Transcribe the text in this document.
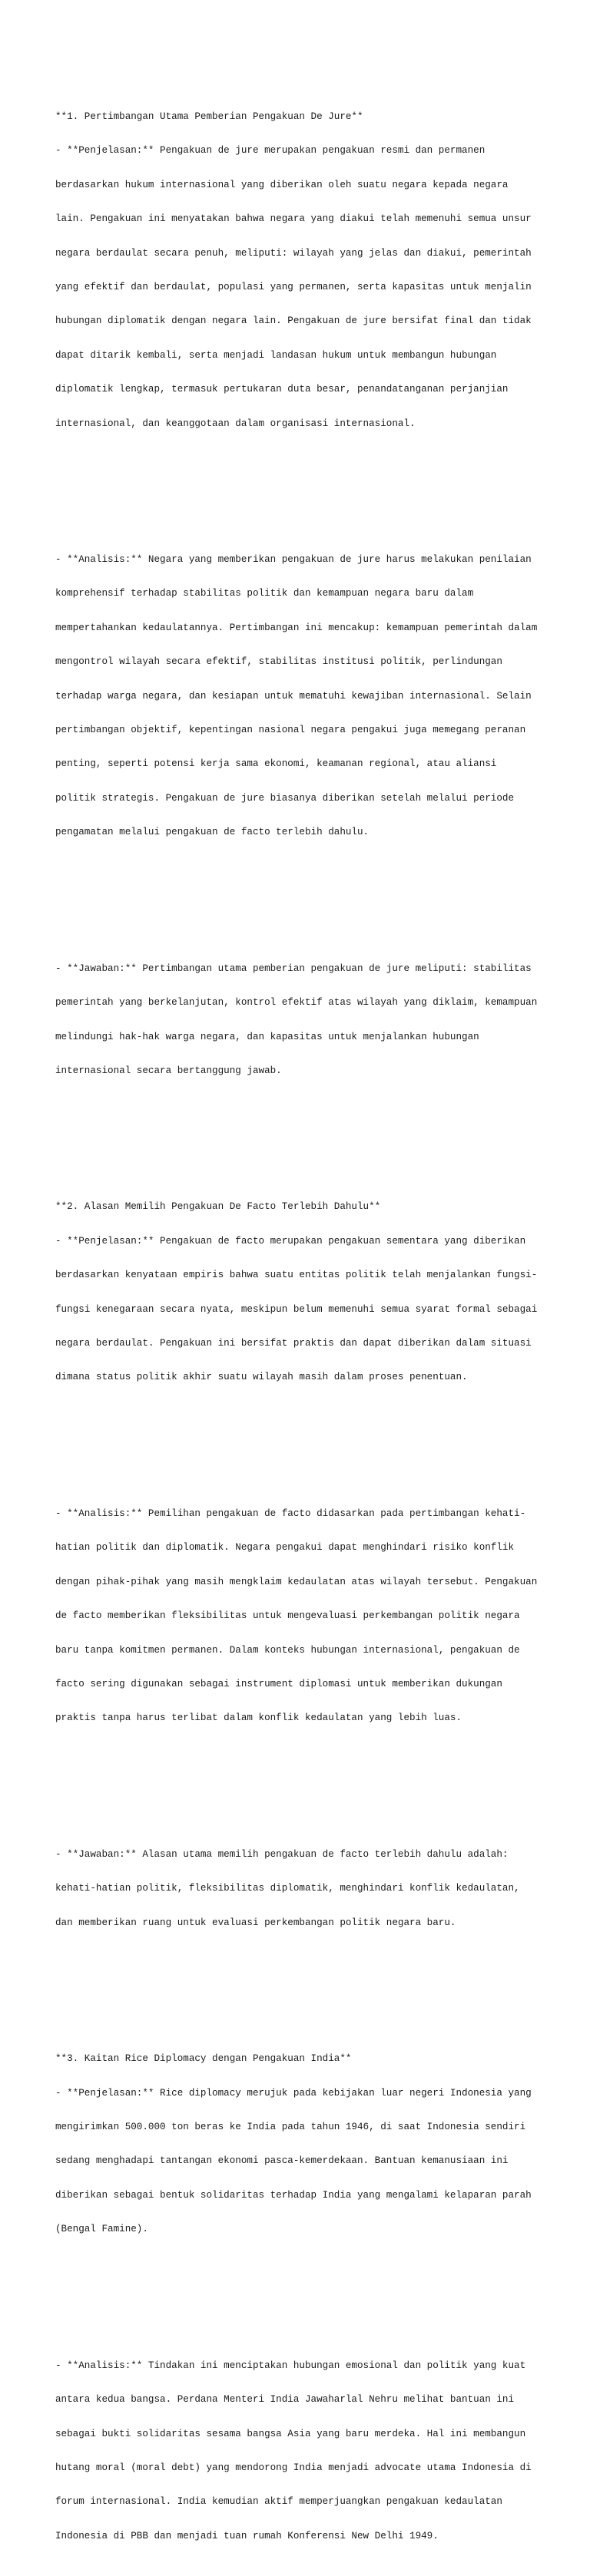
**1. Pertimbangan Utama Pemberian Pengakuan De Jure**

- **Penjelasan:** Pengakuan de jure merupakan pengakuan resmi dan permanen

berdasarkan hukum internasional yang diberikan oleh suatu negara kepada negara

lain. Pengakuan ini menyatakan bahwa negara yang diakui telah memenuhi semua unsur

negara berdaulat secara penuh, meliputi: wilayah yang jelas dan diakui, pemerintah

yang efektif dan berdaulat, populasi yang permanen, serta kapasitas untuk menjalin

hubungan diplomatik dengan negara lain. Pengakuan de jure bersifat final dan tidak

dapat ditarik kembali, serta menjadi landasan hukum untuk membangun hubungan

diplomatik lengkap, termasuk pertukaran duta besar, penandatanganan perjanjian

internasional, dan keanggotaan dalam organisasi internasional.

- **Analisis:** Negara yang memberikan pengakuan de jure harus melakukan penilaian

komprehensif terhadap stabilitas politik dan kemampuan negara baru dalam

mempertahankan kedaulatannya. Pertimbangan ini mencakup: kemampuan pemerintah dalam

mengontrol wilayah secara efektif, stabilitas institusi politik, perlindungan

terhadap warga negara, dan kesiapan untuk mematuhi kewajiban internasional. Selain

pertimbangan objektif, kepentingan nasional negara pengakui juga memegang peranan

penting, seperti potensi kerja sama ekonomi, keamanan regional, atau aliansi

politik strategis. Pengakuan de jure biasanya diberikan setelah melalui periode

pengamatan melalui pengakuan de facto terlebih dahulu.

- **Jawaban:** Pertimbangan utama pemberian pengakuan de jure meliputi: stabilitas

pemerintah yang berkelanjutan, kontrol efektif atas wilayah yang diklaim, kemampuan

melindungi hak-hak warga negara, dan kapasitas untuk menjalankan hubungan

internasional secara bertanggung jawab.

**2. Alasan Memilih Pengakuan De Facto Terlebih Dahulu**

- **Penjelasan:** Pengakuan de facto merupakan pengakuan sementara yang diberikan

berdasarkan kenyataan empiris bahwa suatu entitas politik telah menjalankan fungsi-

fungsi kenegaraan secara nyata, meskipun belum memenuhi semua syarat formal sebagai

negara berdaulat. Pengakuan ini bersifat praktis dan dapat diberikan dalam situasi

dimana status politik akhir suatu wilayah masih dalam proses penentuan.

- **Analisis:** Pemilihan pengakuan de facto didasarkan pada pertimbangan kehati-

hatian politik dan diplomatik. Negara pengakui dapat menghindari risiko konflik

dengan pihak-pihak yang masih mengklaim kedaulatan atas wilayah tersebut. Pengakuan

de facto memberikan fleksibilitas untuk mengevaluasi perkembangan politik negara

baru tanpa komitmen permanen. Dalam konteks hubungan internasional, pengakuan de

facto sering digunakan sebagai instrument diplomasi untuk memberikan dukungan

praktis tanpa harus terlibat dalam konflik kedaulatan yang lebih luas.

- **Jawaban:** Alasan utama memilih pengakuan de facto terlebih dahulu adalah:

kehati-hatian politik, fleksibilitas diplomatik, menghindari konflik kedaulatan,

dan memberikan ruang untuk evaluasi perkembangan politik negara baru.

**3. Kaitan Rice Diplomacy dengan Pengakuan India**

- **Penjelasan:** Rice diplomacy merujuk pada kebijakan luar negeri Indonesia yang

mengirimkan 500.000 ton beras ke India pada tahun 1946, di saat Indonesia sendiri

sedang menghadapi tantangan ekonomi pasca-kemerdekaan. Bantuan kemanusiaan ini

diberikan sebagai bentuk solidaritas terhadap India yang mengalami kelaparan parah

(Bengal Famine).

- **Analisis:** Tindakan ini menciptakan hubungan emosional dan politik yang kuat

antara kedua bangsa. Perdana Menteri India Jawaharlal Nehru melihat bantuan ini

sebagai bukti solidaritas sesama bangsa Asia yang baru merdeka. Hal ini membangun

hutang moral (moral debt) yang mendorong India menjadi advocate utama Indonesia di

forum internasional. India kemudian aktif memperjuangkan pengakuan kedaulatan

Indonesia di PBB dan menjadi tuan rumah Konferensi New Delhi 1949.
